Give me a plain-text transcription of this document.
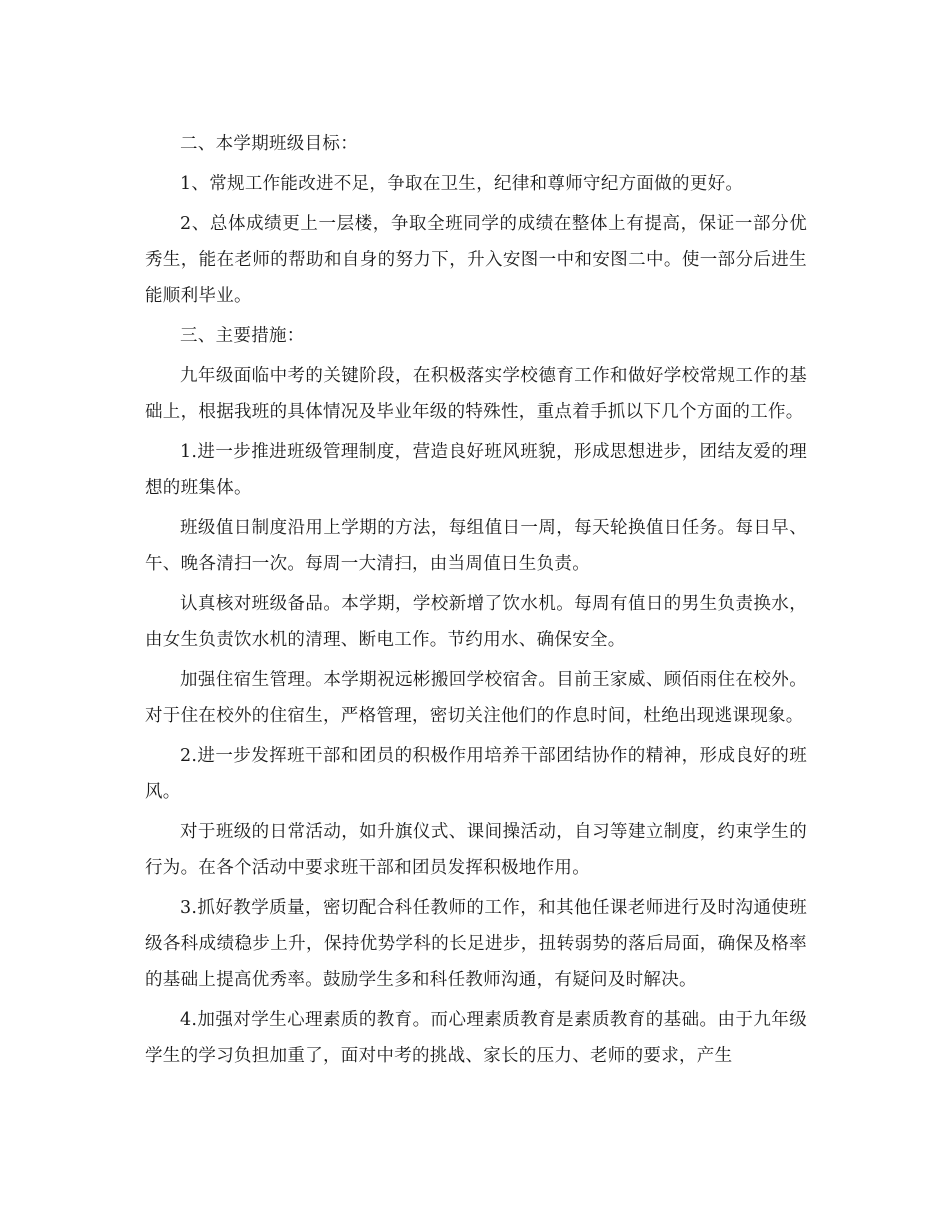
二、本学期班级目标：

1、常规工作能改进不足，争取在卫生，纪律和尊师守纪方面做的更好。

2、总体成绩更上一层楼，争取全班同学的成绩在整体上有提高，保证一部分优秀生，能在老师的帮助和自身的努力下，升入安图一中和安图二中。使一部分后进生能顺利毕业。

三、主要措施：

九年级面临中考的关键阶段，在积极落实学校德育工作和做好学校常规工作的基础上，根据我班的具体情况及毕业年级的特殊性，重点着手抓以下几个方面的工作。

1.进一步推进班级管理制度，营造良好班风班貌，形成思想进步，团结友爱的理想的班集体。

班级值日制度沿用上学期的方法，每组值日一周，每天轮换值日任务。每日早、午、晚各清扫一次。每周一大清扫，由当周值日生负责。

认真核对班级备品。本学期，学校新增了饮水机。每周有值日的男生负责换水，由女生负责饮水机的清理、断电工作。节约用水、确保安全。

加强住宿生管理。本学期祝远彬搬回学校宿舍。目前王家威、顾佰雨住在校外。对于住在校外的住宿生，严格管理，密切关注他们的作息时间，杜绝出现逃课现象。

2.进一步发挥班干部和团员的积极作用培养干部团结协作的精神，形成良好的班风。

对于班级的日常活动，如升旗仪式、课间操活动，自习等建立制度，约束学生的行为。在各个活动中要求班干部和团员发挥积极地作用。

3.抓好教学质量，密切配合科任教师的工作，和其他任课老师进行及时沟通使班级各科成绩稳步上升，保持优势学科的长足进步，扭转弱势的落后局面，确保及格率的基础上提高优秀率。鼓励学生多和科任教师沟通，有疑问及时解决。

4.加强对学生心理素质的教育。而心理素质教育是素质教育的基础。由于九年级学生的学习负担加重了，面对中考的挑战、家长的压力、老师的要求，产生
